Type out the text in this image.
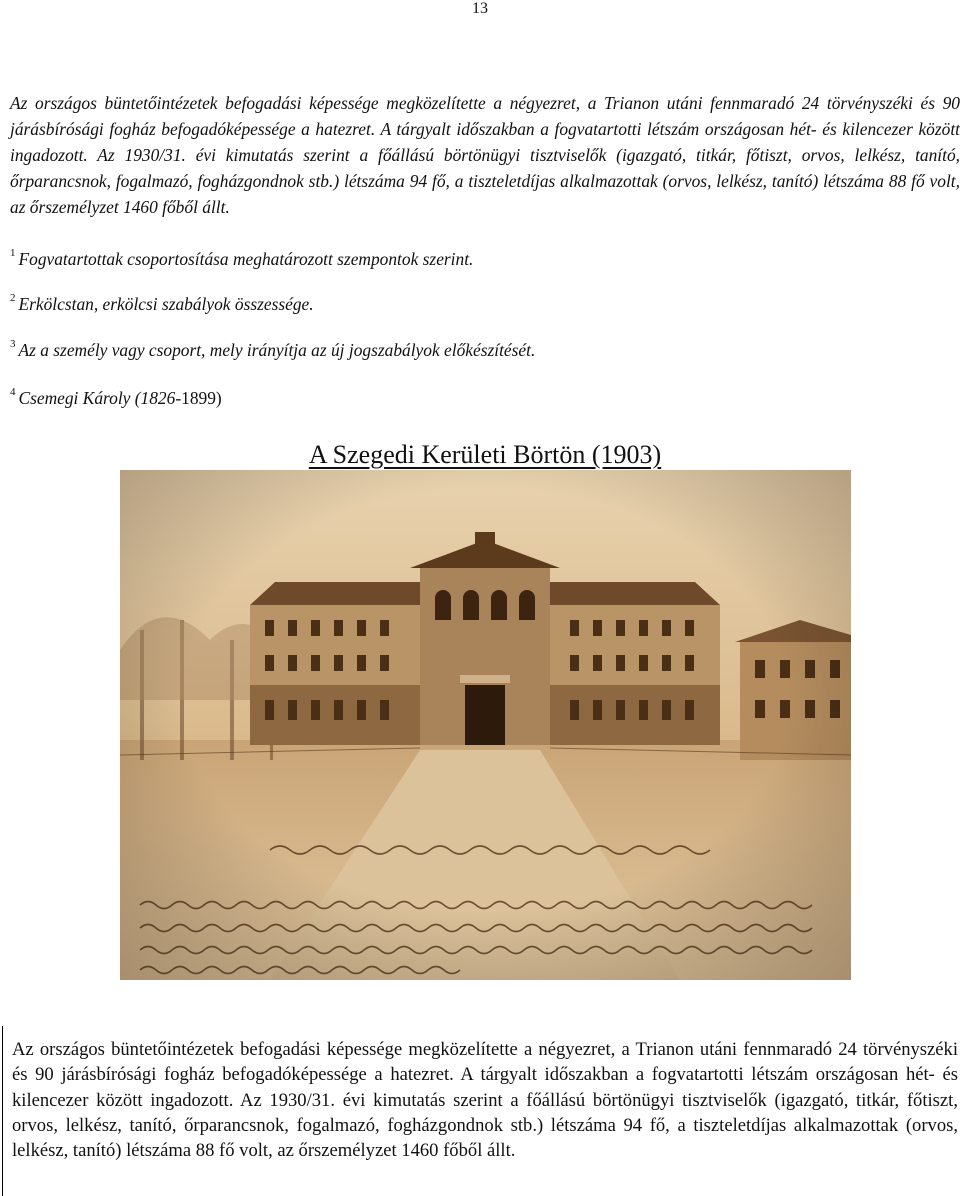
13

Az országos büntetőintézetek befogadási képessége megközelítette a négyezret, a Trianon utáni fennmaradó 24 törvényszéki és 90 járásbírósági fogház befogadóképessége a hatezret. A tárgyalt időszakban a fogvatartotti létszám országosan hét- és kilencezer között ingadozott. Az 1930/31. évi kimutatás szerint a főállású börtönügyi tisztviselők (igazgató, titkár, főtiszt, orvos, lelkész, tanító, őrparancsnok, fogalmazó, fogházgondnok stb.) létszáma 94 fő, a tiszteletdíjas alkalmazottak (orvos, lelkész, tanító) létszáma 88 fő volt, az őrszemélyzet 1460 főből állt.

$^1$ Fogvatartottak csoportosítása meghatározott szempontok szerint.
$^2$ Erkölcstan, erkölcsi szabályok összessége.
$^3$ Az a személy vagy csoport, mely irányítja az új jogszabályok előkészítését.
$^4$ Csemegi Károly (1826-1899)
A Szegedi Kerületi Börtön (1903)

Az országos büntetőintézetek befogadási képessége megközelítette a négyezret, a Trianon utáni fennmaradó 24 törvényszéki és 90 járásbírósági fogház befogadóképessége a hatezret. A tárgyalt időszakban a fogvatartotti létszám országosan hét- és kilencezer között ingadozott. Az 1930/31. évi kimutatás szerint a főállású börtönügyi tisztviselők (igazgató, titkár, főtiszt, orvos, lelkész, tanító, őrparancsnok, fogalmazó, fogházgondnok stb.) létszáma 94 fő, a tiszteletdíjas alkalmazottak (orvos, lelkész, tanító) létszáma 88 fő volt, az őrszemélyzet 1460 főből állt.
